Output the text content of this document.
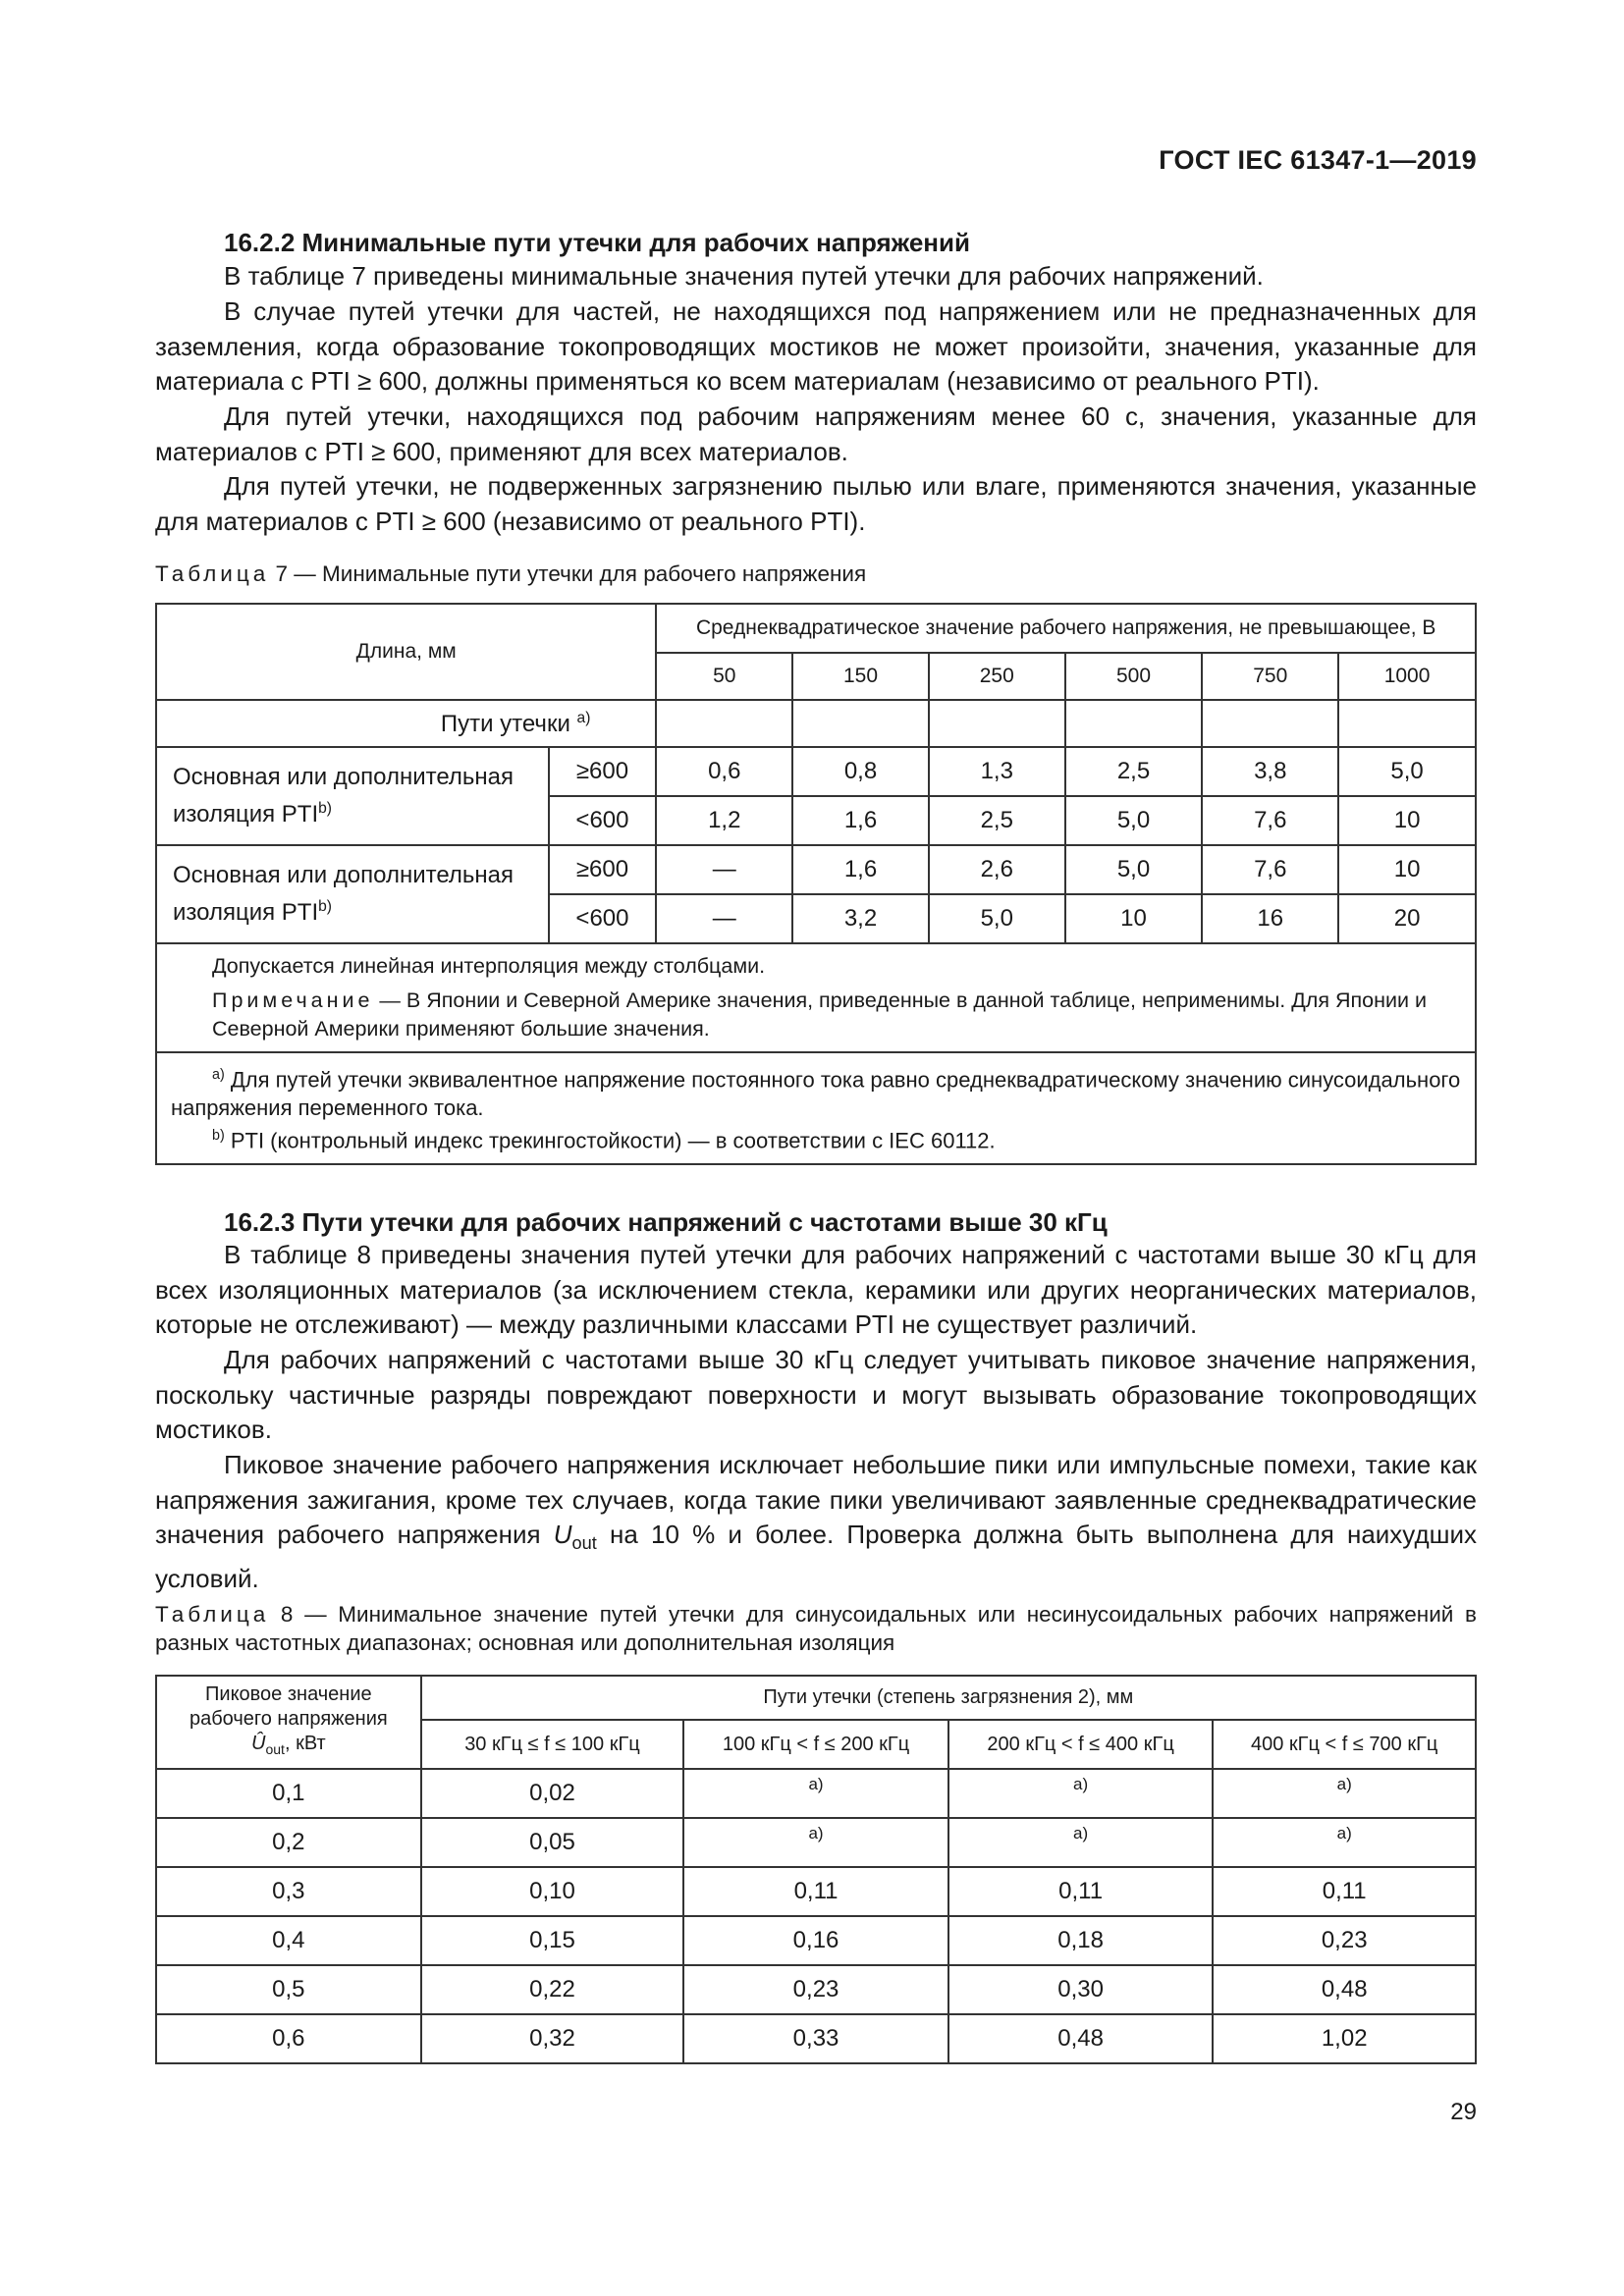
ГОСТ IEC 61347-1—2019
16.2.2 Минимальные пути утечки для рабочих напряжений
В таблице 7 приведены минимальные значения путей утечки для рабочих напряжений.
В случае путей утечки для частей, не находящихся под напряжением или не предназначенных для заземления, когда образование токопроводящих мостиков не может произойти, значения, указанные для материала с PTI ≥ 600, должны применяться ко всем материалам (независимо от реального PTI).
Для путей утечки, находящихся под рабочим напряжениям менее 60 с, значения, указанные для материалов с PTI ≥ 600, применяют для всех материалов.
Для путей утечки, не подверженных загрязнению пылью или влаге, применяются значения, указанные для материалов с PTI ≥ 600 (независимо от реального PTI).
Таблица 7 — Минимальные пути утечки для рабочего напряжения
Длина, мм		Среднеквадратическое значение рабочего напряжения, не превышающее, В					
		50	150	250	500	750	1000
Пути утечки $^{a)}$						
Основная или дополнительная изоляция $PTI^{b)}$	≥600	0,6	0,8	1,3	2,5	3,8	5,0
	<600	1,2	1,6	2,5	5,0	7,6	10
Основная или дополнительная изоляция $PTI^{b)}$	≥600	—	1,6	2,6	5,0	7,6	10
	<600	—	3,2	5,0	10	16	20

Допускается линейная интерполяция между столбцами.
Примечание — В Японии и Северной Америке значения, приведенные в данной таблице, неприменимы. Для Японии и Северной Америки применяют большие значения.							

$^{a)}$ Для путей утечки эквивалентное напряжение постоянного тока равно среднеквадратическому значению синусоидального напряжения переменного тока.
$^{b)}$ PTI (контрольный индекс трекингостойкости) — в соответствии с IEC 60112.							
16.2.3 Пути утечки для рабочих напряжений с частотами выше 30 кГц
В таблице 8 приведены значения путей утечки для рабочих напряжений с частотами выше 30 кГц для всех изоляционных материалов (за исключением стекла, керамики или других неорганических материалов, которые не отслеживают) — между различными классами PTI не существует различий.
Для рабочих напряжений с частотами выше 30 кГц следует учитывать пиковое значение напряжения, поскольку частичные разряды повреждают поверхности и могут вызывать образование токопроводящих мостиков.
Пиковое значение рабочего напряжения исключает небольшие пики или импульсные помехи, такие как напряжения зажигания, кроме тех случаев, когда такие пики увеличивают заявленные среднеквадратические значения рабочего напряжения $U_{out}$ на 10 % и более. Проверка должна быть выполнена для наихудших условий.
Таблица 8 — Минимальное значение путей утечки для синусоидальных или несинусоидальных рабочих напряжений в разных частотных диапазонах; основная или дополнительная изоляция
Пиковое значение
рабочего напряжения
$Û_{out}$, кВт	Пути утечки (степень загрязнения 2), мм			
	30 кГц ≤ f ≤ 100 кГц	100 кГц < f ≤ 200 кГц	200 кГц < f ≤ 400 кГц	400 кГц < f ≤ 700 кГц
0,1	0,02	a)	a)	a)
0,2	0,05	a)	a)	a)
0,3	0,10	0,11	0,11	0,11
0,4	0,15	0,16	0,18	0,23
0,5	0,22	0,23	0,30	0,48
0,6	0,32	0,33	0,48	1,02
29
